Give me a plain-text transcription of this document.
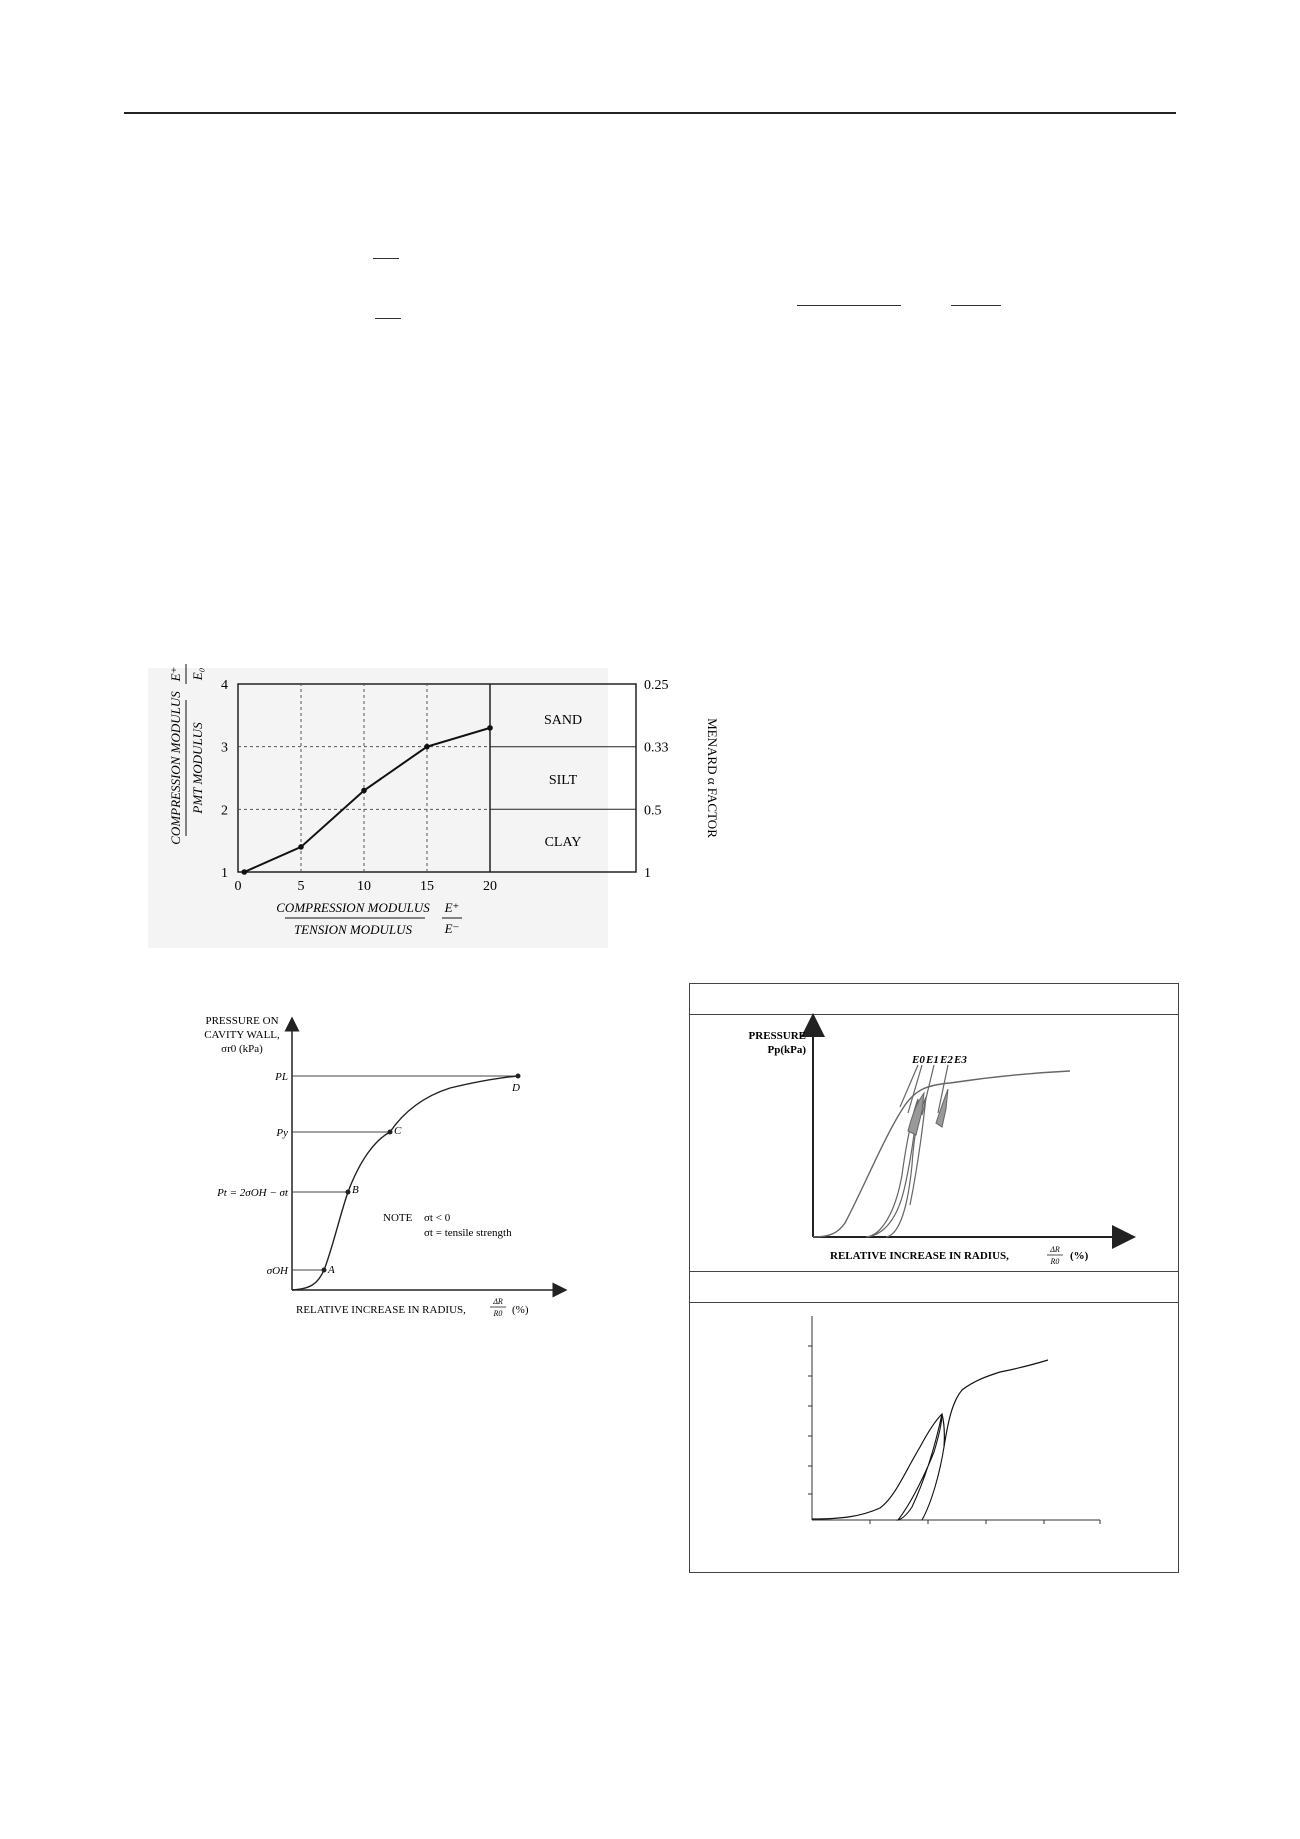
0	5	10	15	20
1
2
3
4
1
0.5
0.33
0.25
SAND
SILT
CLAY
MENARD α FACTOR
COMPRESSION MODULUS
TENSION MODULUS
E⁺
E⁻
COMPRESSION MODULUS PMT MODULUS
E⁺ E₀
A
B
C
D
PL
Py
Pt = 2σOH − σt
σOH
PRESSURE ON
CAVITY WALL,
σr0 (kPa)
NOTE σt < 0
σt = tensile strength
RELATIVE INCREASE IN RADIUS,
ΔR
R0 (%)
PRESSURE
Pp(kPa)
E0 E1 E2 E3
RELATIVE INCREASE IN RADIUS,
ΔR
R0 (%)
